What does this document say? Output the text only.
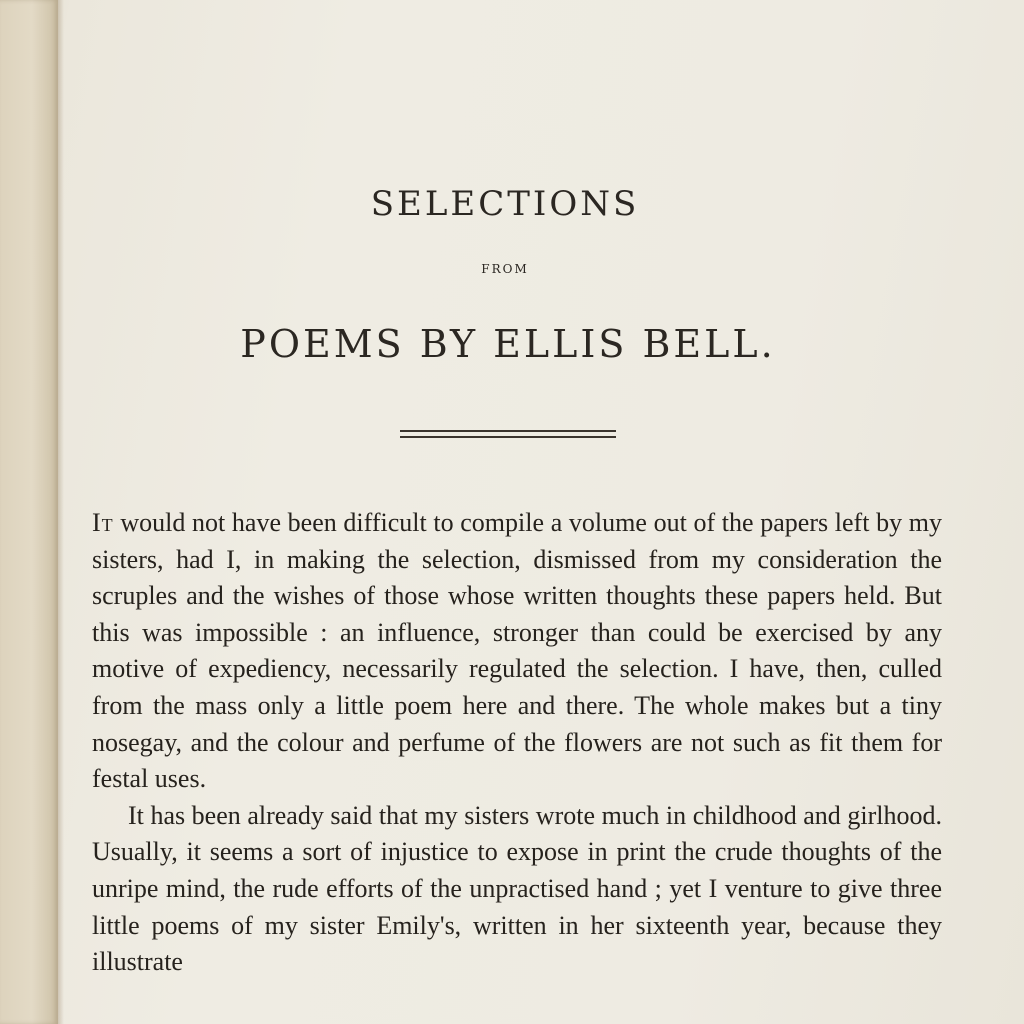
SELECTIONS
FROM
POEMS BY ELLIS BELL.

It would not have been difficult to compile a volume out of the papers left by my sisters, had I, in making the selection, dismissed from my consideration the scruples and the wishes of those whose written thoughts these papers held. But this was impossible : an influence, stronger than could be exercised by any motive of expediency, necessarily regulated the selection. I have, then, culled from the mass only a little poem here and there. The whole makes but a tiny nosegay, and the colour and perfume of the flowers are not such as fit them for festal uses.

It has been already said that my sisters wrote much in childhood and girlhood. Usually, it seems a sort of injustice to expose in print the crude thoughts of the unripe mind, the rude efforts of the unpractised hand ; yet I venture to give three little poems of my sister Emily's, written in her sixteenth year, because they illustrate
